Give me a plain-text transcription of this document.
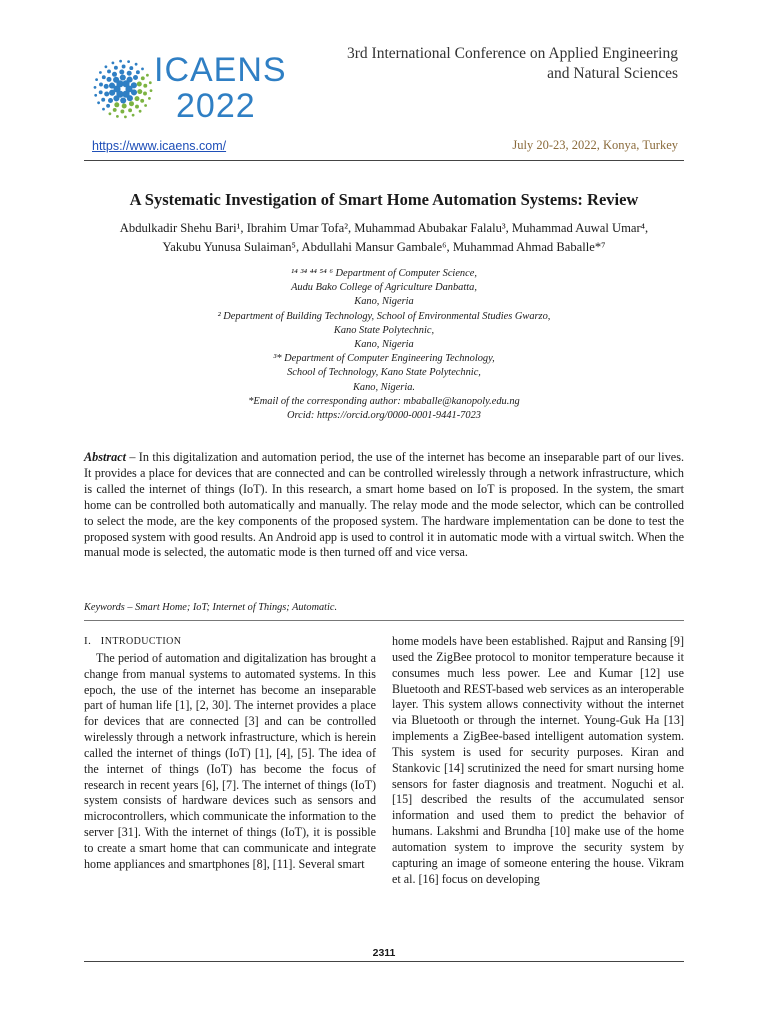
ICAENS
2022
3rd International Conference on Applied Engineering
and Natural Sciences
https://www.icaens.com/	July 20-23, 2022, Konya, Turkey
A Systematic Investigation of Smart Home Automation Systems: Review
Abdulkadir Shehu Bari¹, Ibrahim Umar Tofa², Muhammad Abubakar Falalu³, Muhammad Auwal Umar⁴,
Yakubu Yunusa Sulaiman⁵, Abdullahi Mansur Gambale⁶, Muhammad Ahmad Baballe*⁷
¹⁴ ³⁴ ⁴⁴ ⁵⁴ ⁶ Department of Computer Science,
Audu Bako College of Agriculture Danbatta,
Kano, Nigeria
² Department of Building Technology, School of Environmental Studies Gwarzo,
Kano State Polytechnic,
Kano, Nigeria
³* Department of Computer Engineering Technology,
School of Technology, Kano State Polytechnic,
Kano, Nigeria.
*Email of the corresponding author: mbaballe@kanopoly.edu.ng
Orcid: https://orcid.org/0000-0001-9441-7023
Abstract – In this digitalization and automation period, the use of the internet has become an inseparable part of our lives. It provides a place for devices that are connected and can be controlled wirelessly through a network infrastructure, which is called the internet of things (IoT). In this research, a smart home based on IoT is proposed. In the system, the smart home can be controlled both automatically and manually. The relay mode and the mode selector, which can be controlled to select the mode, are the key components of the proposed system. The hardware implementation can be done to test the proposed system with good results. An Android app is used to control it in automatic mode with a virtual switch. When the manual mode is selected, the automatic mode is then turned off and vice versa.
Keywords – Smart Home; IoT; Internet of Things; Automatic.
I. INTRODUCTION
The period of automation and digitalization has brought a change from manual systems to automated systems. In this epoch, the use of the internet has become an inseparable part of human life [1], [2, 30]. The internet provides a place for devices that are connected [3] and can be controlled wirelessly through a network infrastructure, which is herein called the internet of things (IoT) [1], [4], [5]. The idea of the internet of things (IoT) has become the focus of research in recent years [6], [7]. The internet of things (IoT) system consists of hardware devices such as sensors and microcontrollers, which communicate the information to the server [31]. With the internet of things (IoT), it is possible to create a smart home that can communicate and integrate home appliances and smartphones [8], [11]. Several smart
home models have been established. Rajput and Ransing [9] used the ZigBee protocol to monitor temperature because it consumes much less power. Lee and Kumar [12] use Bluetooth and REST-based web services as an interoperable layer. This system allows connectivity without the internet via Bluetooth or through the internet. Young-Guk Ha [13] implements a ZigBee-based intelligent automation system. This system is used for security purposes. Kiran and Stankovic [14] scrutinized the need for smart nursing home sensors for faster diagnosis and treatment. Noguchi et al. [15] described the results of the accumulated sensor information and used them to predict the behavior of humans. Lakshmi and Brundha [10] make use of the home automation system to improve the security system by capturing an image of someone entering the house. Vikram et al. [16] focus on developing
2311
